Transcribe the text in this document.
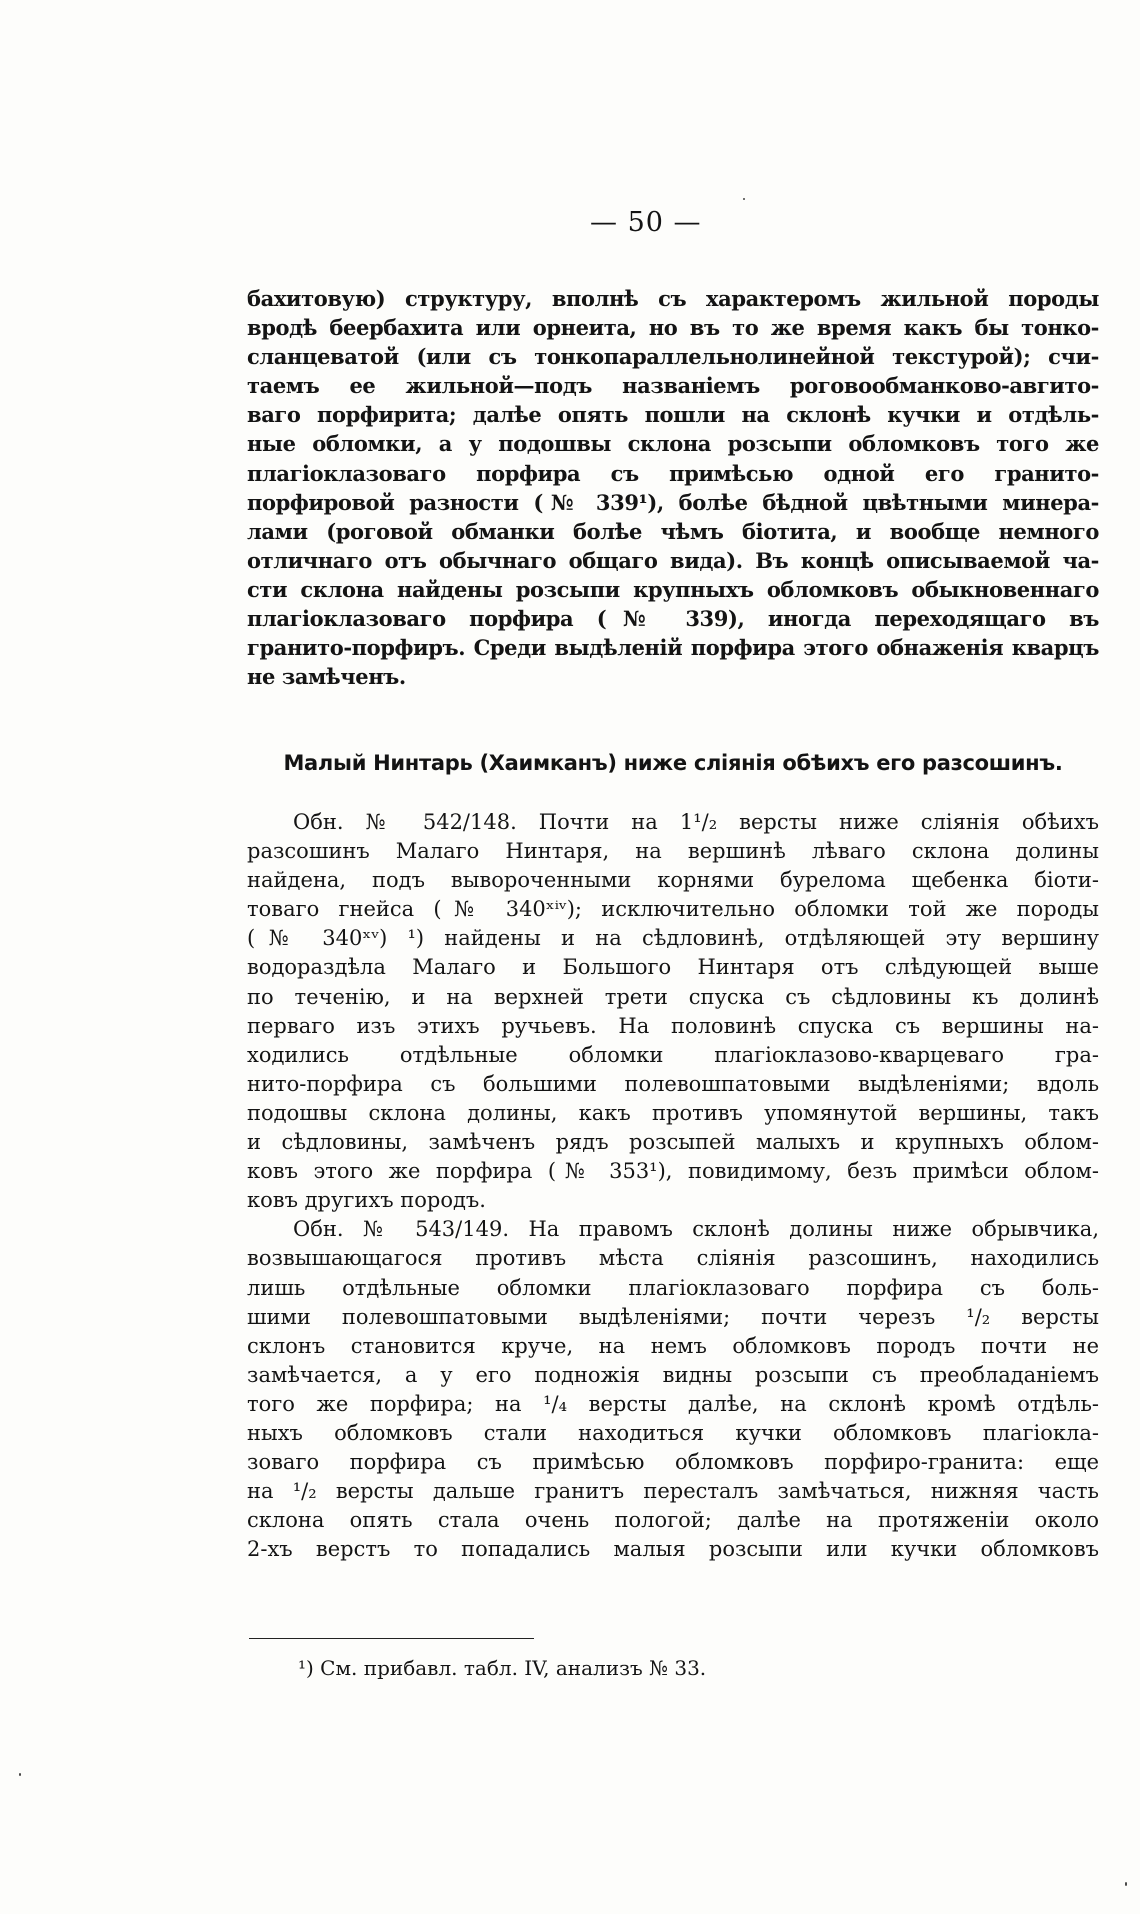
— 50 —
бахитовую) структуру, вполнѣ съ характеромъ жильной породы
вродѣ беербахита или орнеита, но въ то же время какъ бы тонко-
сланцеватой (или съ тонкопараллельнолинейной текстурой); счи-
таемъ ее жильной—подъ названіемъ роговообманково-авгито-
ваго порфирита; далѣе опять пошли на склонѣ кучки и отдѣль-
ные обломки, а у подошвы склона розсыпи обломковъ того же
плагіоклазоваго порфира съ примѣсью одной его гранито-
порфировой разности (№ 339¹), болѣе бѣдной цвѣтными минера-
лами (роговой обманки болѣе чѣмъ біотита, и вообще немного
отличнаго отъ обычнаго общаго вида). Въ концѣ описываемой ча-
сти склона найдены розсыпи крупныхъ обломковъ обыкновеннаго
плагіоклазоваго порфира (№ 339), иногда переходящаго въ
гранито-порфиръ. Среди выдѣленій порфира этого обнаженія кварцъ
не замѣченъ.
Малый Нинтарь (Хаимканъ) ниже слiянiя обѣихъ его разсошинъ.
Обн. № 542/148. Почти на 1¹/₂ версты ниже сліянія обѣихъ
разсошинъ Малаго Нинтаря, на вершинѣ лѣваго склона долины
найдена, подъ вывороченными корнями бурелома щебенка біоти-
товаго гнейса (№ 340ˣⁱᵛ); исключительно обломки той же породы
(№ 340ˣᵛ) ¹) найдены и на сѣдловинѣ, отдѣляющей эту вершину
водораздѣла Малаго и Большого Нинтаря отъ слѣдующей выше
по теченію, и на верхней трети спуска съ сѣдловины къ долинѣ
перваго изъ этихъ ручьевъ. На половинѣ спуска съ вершины на-
ходились отдѣльные обломки плагіоклазово-кварцеваго гра-
нито-порфира съ большими полевошпатовыми выдѣленіями; вдоль
подошвы склона долины, какъ противъ упомянутой вершины, такъ
и сѣдловины, замѣченъ рядъ розсыпей малыхъ и крупныхъ облом-
ковъ этого же порфира (№ 353¹), повидимому, безъ примѣси облом-
ковъ другихъ породъ.
Обн. № 543/149. На правомъ склонѣ долины ниже обрывчика,
возвышающагося противъ мѣста сліянія разсошинъ, находились
лишь отдѣльные обломки плагіоклазоваго порфира съ боль-
шими полевошпатовыми выдѣленіями; почти черезъ ¹/₂ версты
склонъ становится круче, на немъ обломковъ породъ почти не
замѣчается, а у его подножія видны розсыпи съ преобладаніемъ
того же порфира; на ¹/₄ версты далѣе, на склонѣ кромѣ отдѣль-
ныхъ обломковъ стали находиться кучки обломковъ плагіокла-
зоваго порфира съ примѣсью обломковъ порфиро-гранита: еще
на ¹/₂ версты дальше гранитъ пересталъ замѣчаться, нижняя часть
склона опять стала очень пологой; далѣе на протяженіи около
2-хъ верстъ то попадались малыя розсыпи или кучки обломковъ
¹) См. прибавл. табл. IV, анализъ № 33.
